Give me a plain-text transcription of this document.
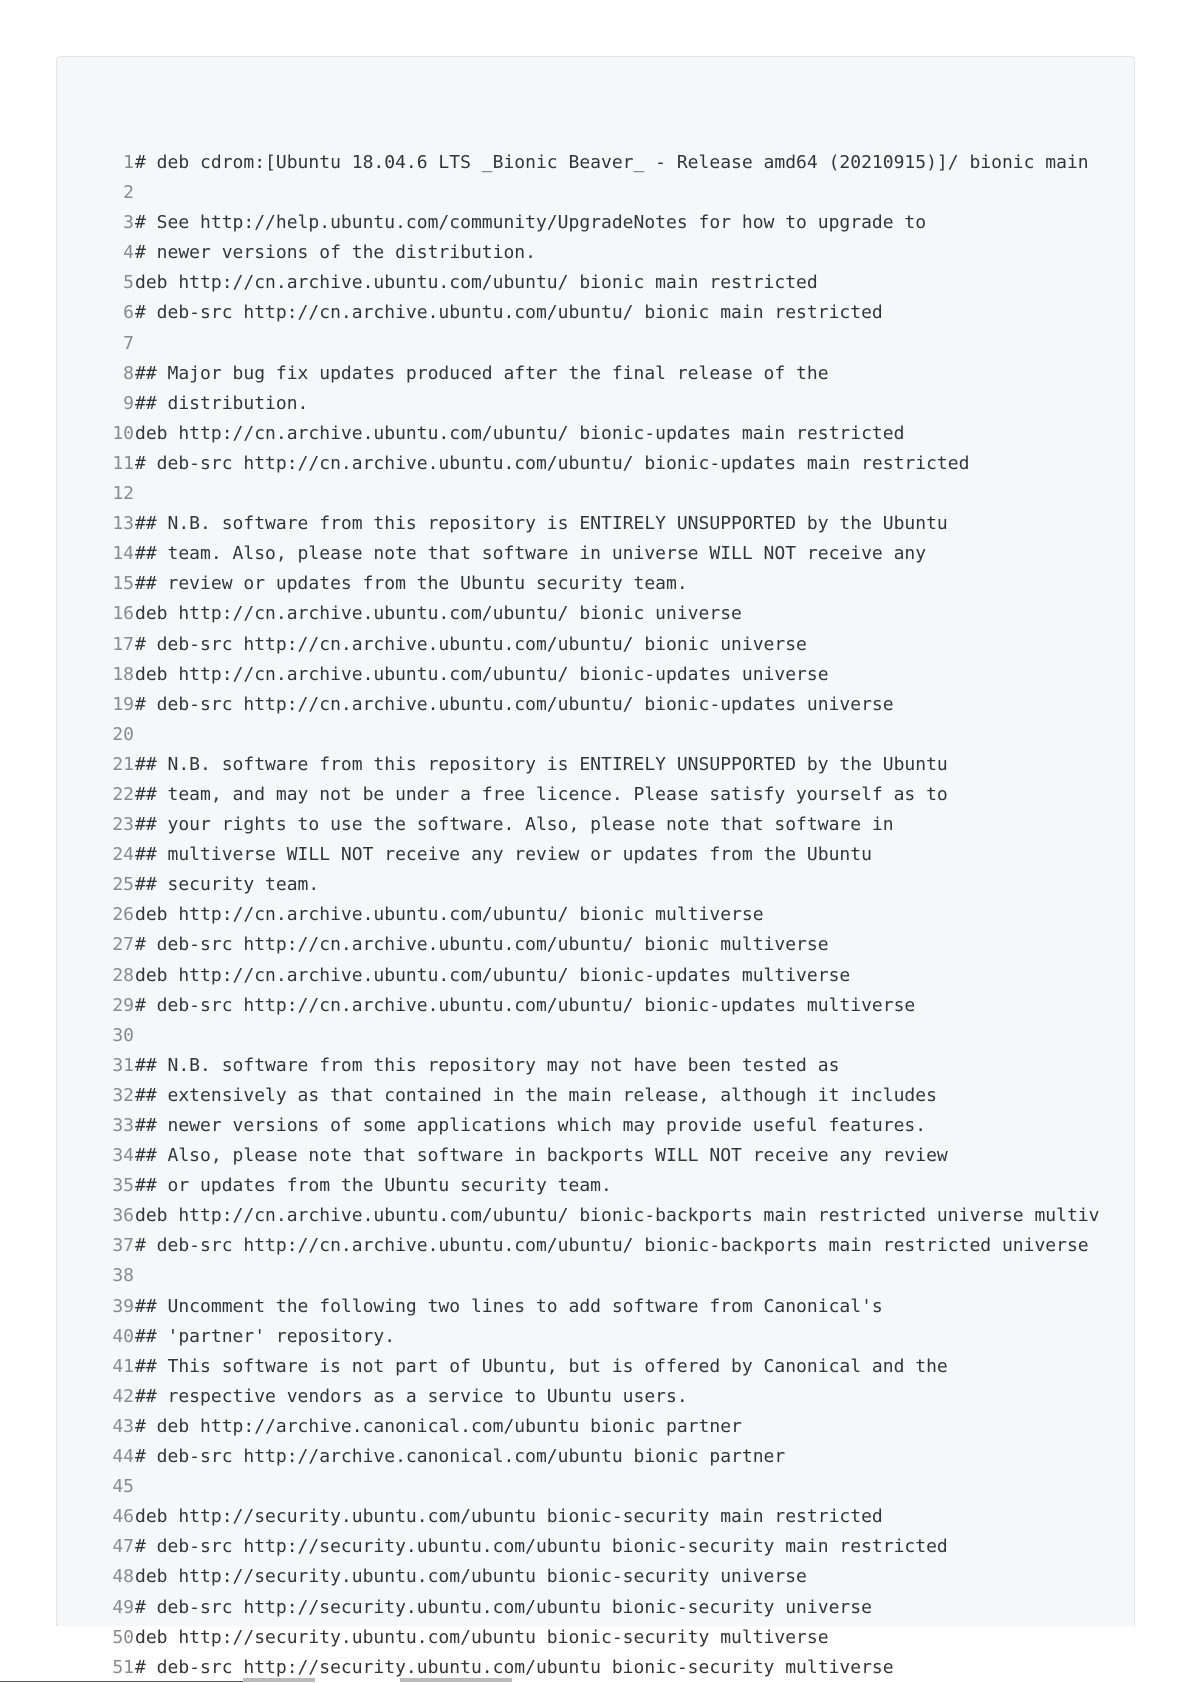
1 # deb cdrom:[Ubuntu 18.04.6 LTS _Bionic Beaver_ - Release amd64 (20210915)]/ bionic main
2
3 # See http://help.ubuntu.com/community/UpgradeNotes for how to upgrade to
4 # newer versions of the distribution.
5 deb http://cn.archive.ubuntu.com/ubuntu/ bionic main restricted
6 # deb-src http://cn.archive.ubuntu.com/ubuntu/ bionic main restricted
7
8 ## Major bug fix updates produced after the final release of the
9 ## distribution.
10 deb http://cn.archive.ubuntu.com/ubuntu/ bionic-updates main restricted
11 # deb-src http://cn.archive.ubuntu.com/ubuntu/ bionic-updates main restricted
12
13 ## N.B. software from this repository is ENTIRELY UNSUPPORTED by the Ubuntu
14 ## team. Also, please note that software in universe WILL NOT receive any
15 ## review or updates from the Ubuntu security team.
16 deb http://cn.archive.ubuntu.com/ubuntu/ bionic universe
17 # deb-src http://cn.archive.ubuntu.com/ubuntu/ bionic universe
18 deb http://cn.archive.ubuntu.com/ubuntu/ bionic-updates universe
19 # deb-src http://cn.archive.ubuntu.com/ubuntu/ bionic-updates universe
20
21 ## N.B. software from this repository is ENTIRELY UNSUPPORTED by the Ubuntu
22 ## team, and may not be under a free licence. Please satisfy yourself as to
23 ## your rights to use the software. Also, please note that software in
24 ## multiverse WILL NOT receive any review or updates from the Ubuntu
25 ## security team.
26 deb http://cn.archive.ubuntu.com/ubuntu/ bionic multiverse
27 # deb-src http://cn.archive.ubuntu.com/ubuntu/ bionic multiverse
28 deb http://cn.archive.ubuntu.com/ubuntu/ bionic-updates multiverse
29 # deb-src http://cn.archive.ubuntu.com/ubuntu/ bionic-updates multiverse
30
31 ## N.B. software from this repository may not have been tested as
32 ## extensively as that contained in the main release, although it includes
33 ## newer versions of some applications which may provide useful features.
34 ## Also, please note that software in backports WILL NOT receive any review
35 ## or updates from the Ubuntu security team.
36 deb http://cn.archive.ubuntu.com/ubuntu/ bionic-backports main restricted universe multiv
37 # deb-src http://cn.archive.ubuntu.com/ubuntu/ bionic-backports main restricted universe
38
39 ## Uncomment the following two lines to add software from Canonical's
40 ## 'partner' repository.
41 ## This software is not part of Ubuntu, but is offered by Canonical and the
42 ## respective vendors as a service to Ubuntu users.
43 # deb http://archive.canonical.com/ubuntu bionic partner
44 # deb-src http://archive.canonical.com/ubuntu bionic partner
45
46 deb http://security.ubuntu.com/ubuntu bionic-security main restricted
47 # deb-src http://security.ubuntu.com/ubuntu bionic-security main restricted
48 deb http://security.ubuntu.com/ubuntu bionic-security universe
49 # deb-src http://security.ubuntu.com/ubuntu bionic-security universe
50 deb http://security.ubuntu.com/ubuntu bionic-security multiverse
51 # deb-src http://security.ubuntu.com/ubuntu bionic-security multiverse
